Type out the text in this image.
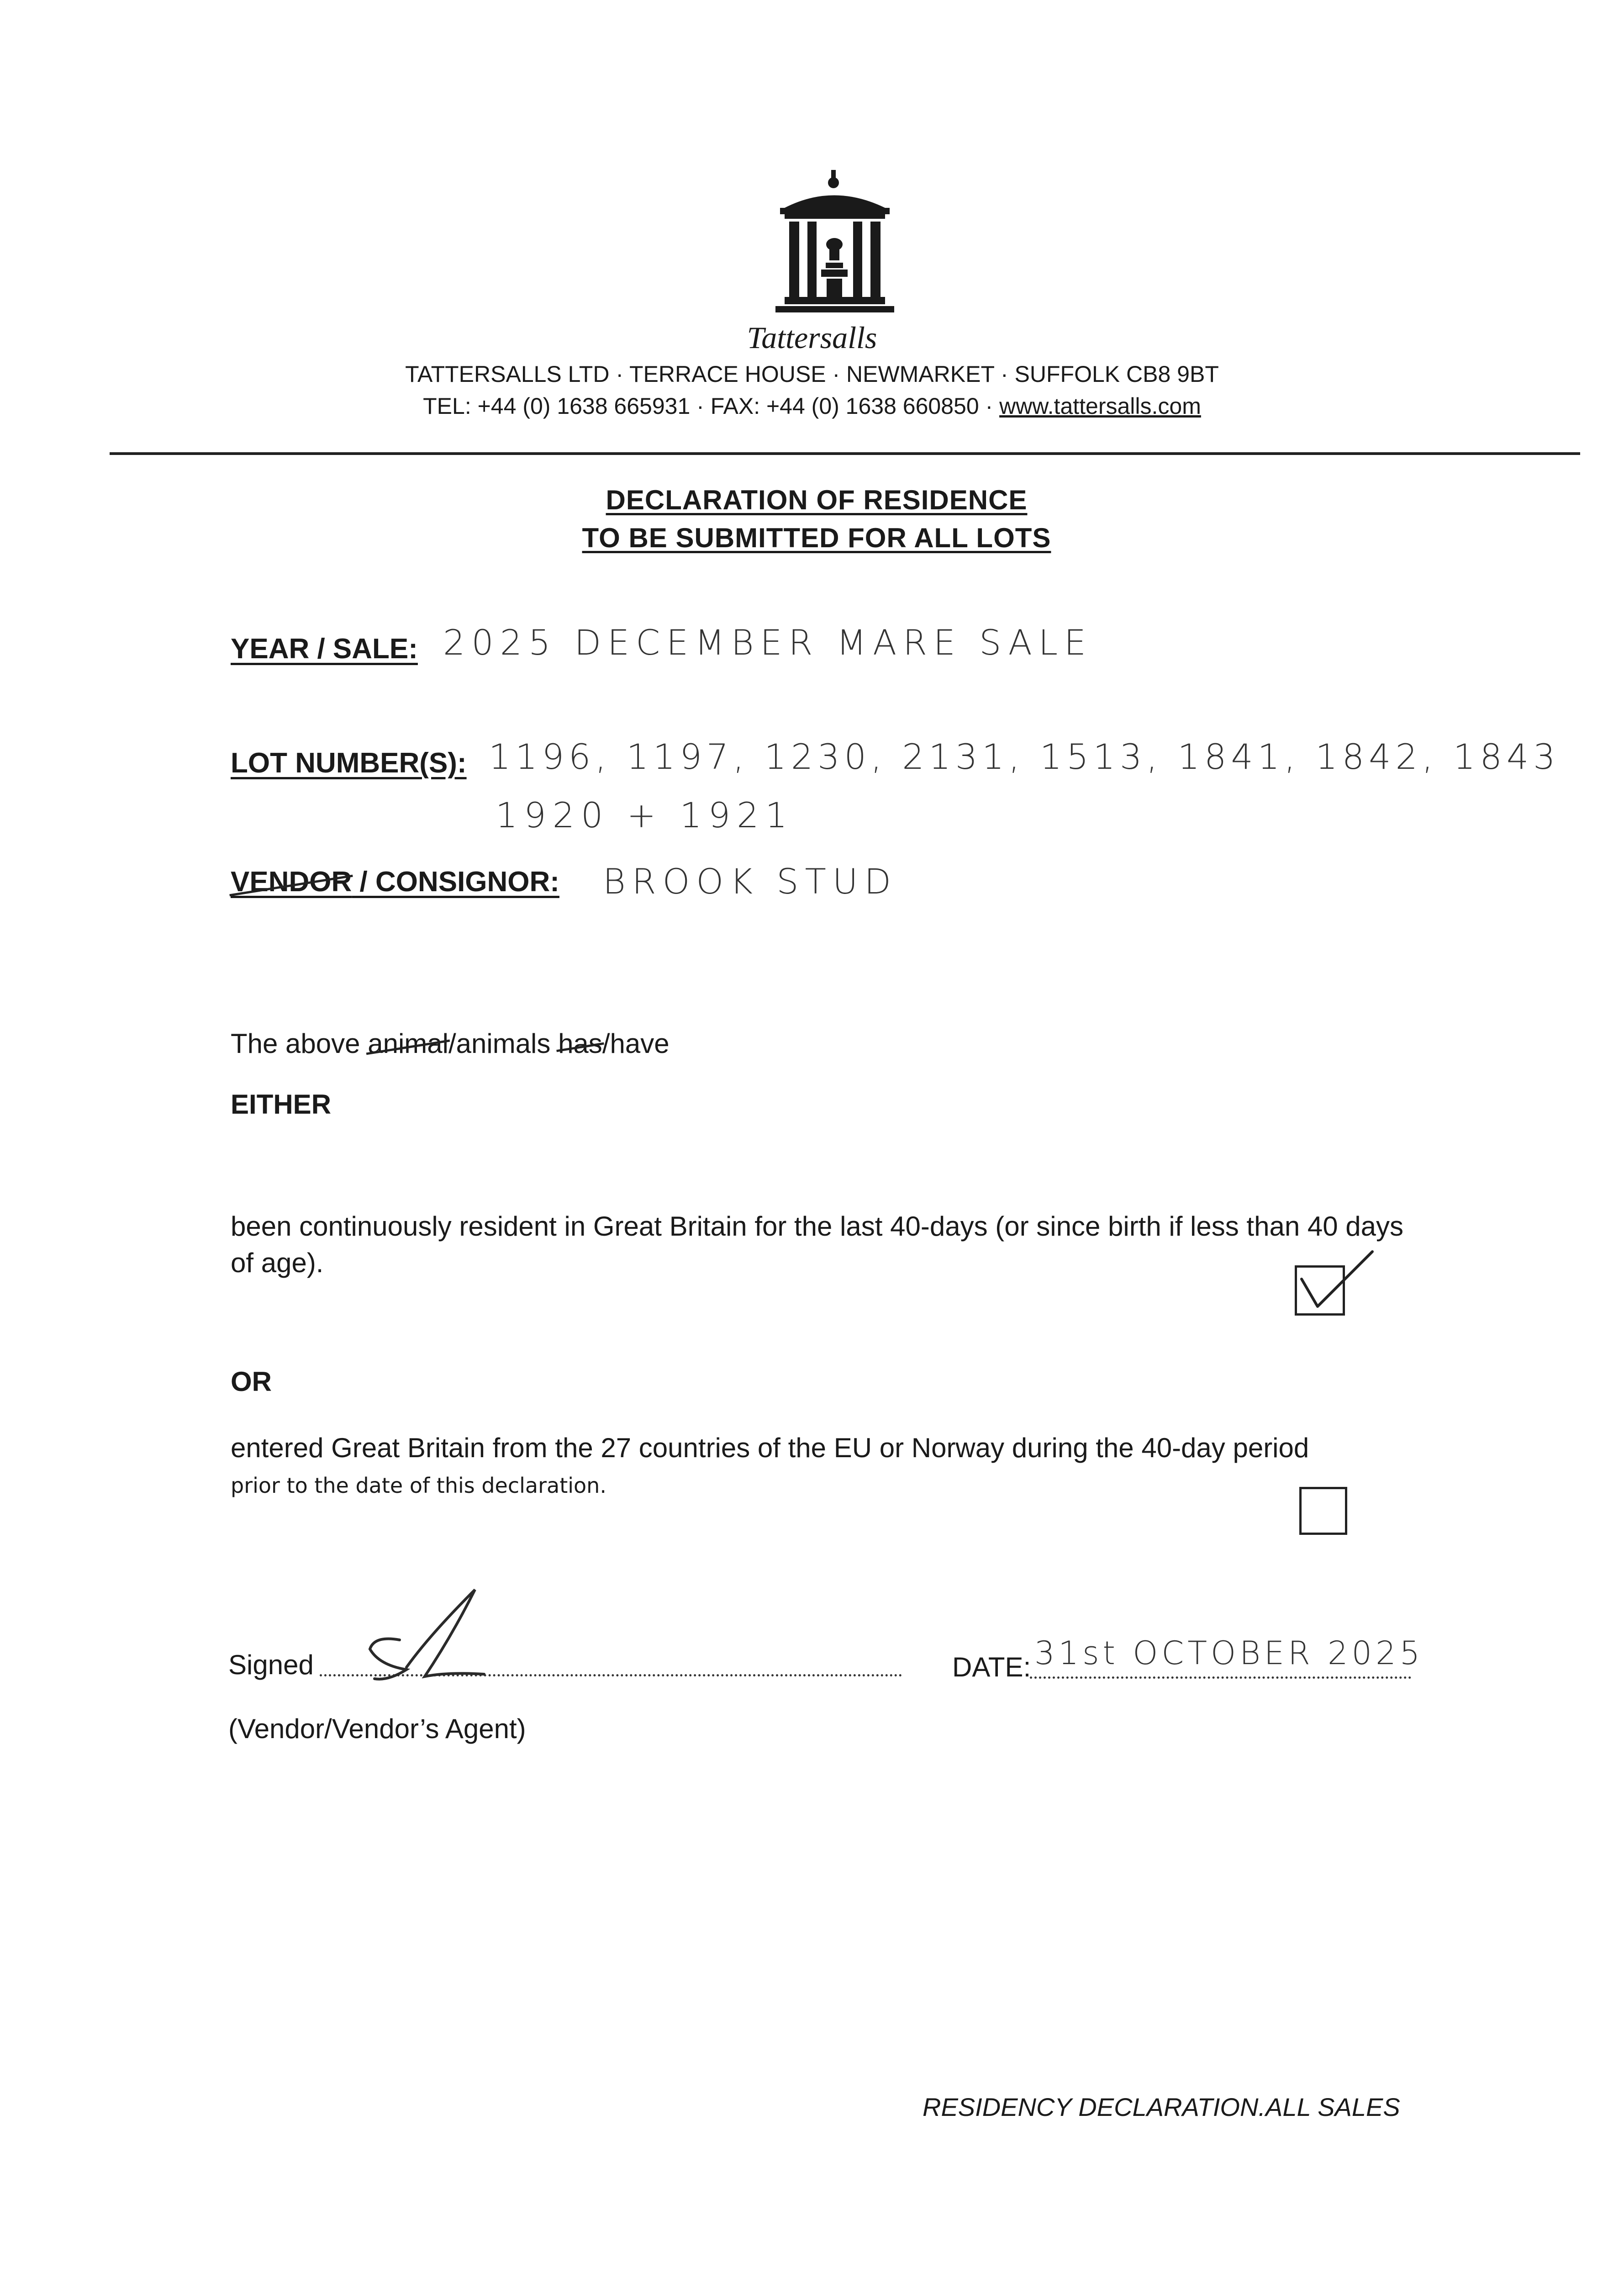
Tattersalls
TATTERSALLS LTD · TERRACE HOUSE · NEWMARKET · SUFFOLK CB8 9BT
TEL: +44 (0) 1638 665931 · FAX: +44 (0) 1638 660850 · www.tattersalls.com
DECLARATION OF RESIDENCE
TO BE SUBMITTED FOR ALL LOTS
YEAR / SALE: 2025 DECEMBER MARE SALE
LOT NUMBER(S): 1196, 1197, 1230, 2131, 1513, 1841, 1842, 1843
1920 + 1921
VENDOR / CONSIGNOR: BROOK STUD
The above animal/animals has/have
EITHER
been continuously resident in Great Britain for the last 40-days (or since birth if less than 40 days of age).
OR
entered Great Britain from the 27 countries of the EU or Norway during the 40-day period
prior to the date of this declaration.
Signed	DATE: 31st OCTOBER 2025
(Vendor/Vendor’s Agent)
RESIDENCY DECLARATION.ALL SALES
